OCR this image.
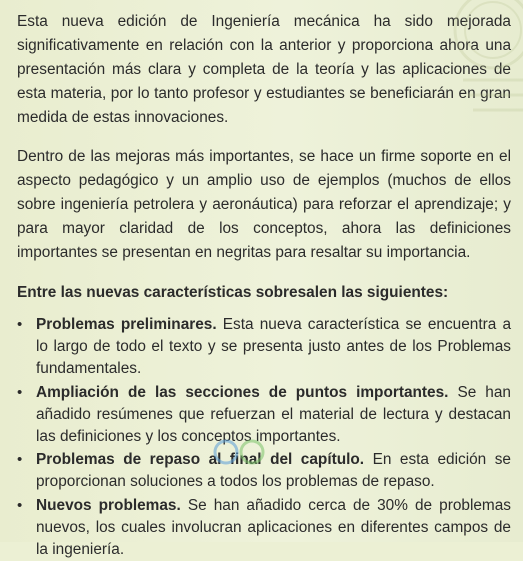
Esta nueva edición de Ingeniería mecánica ha sido mejorada significativamente en relación con la anterior y proporciona ahora una presentación más clara y completa de la teoría y las aplicaciones de esta materia, por lo tanto profesor y estudiantes se beneficiarán en gran medida de estas innovaciones.

Dentro de las mejoras más importantes, se hace un firme soporte en el aspecto pedagógico y un amplio uso de ejemplos (muchos de ellos sobre ingeniería petrolera y aeronáutica) para reforzar el aprendizaje; y para mayor claridad de los conceptos, ahora las definiciones importantes se presentan en negritas para resaltar su importancia.

Entre las nuevas características sobresalen las siguientes:

• Problemas preliminares. Esta nueva característica se encuentra a lo largo de todo el texto y se presenta justo antes de los Problemas fundamentales.
• Ampliación de las secciones de puntos importantes. Se han añadido resúmenes que refuerzan el material de lectura y destacan las definiciones y los conceptos importantes.
• Problemas de repaso al final del capítulo. En esta edición se proporcionan soluciones a todos los problemas de repaso.
• Nuevos problemas. Se han añadido cerca de 30% de problemas nuevos, los cuales involucran aplicaciones en diferentes campos de la ingeniería.
